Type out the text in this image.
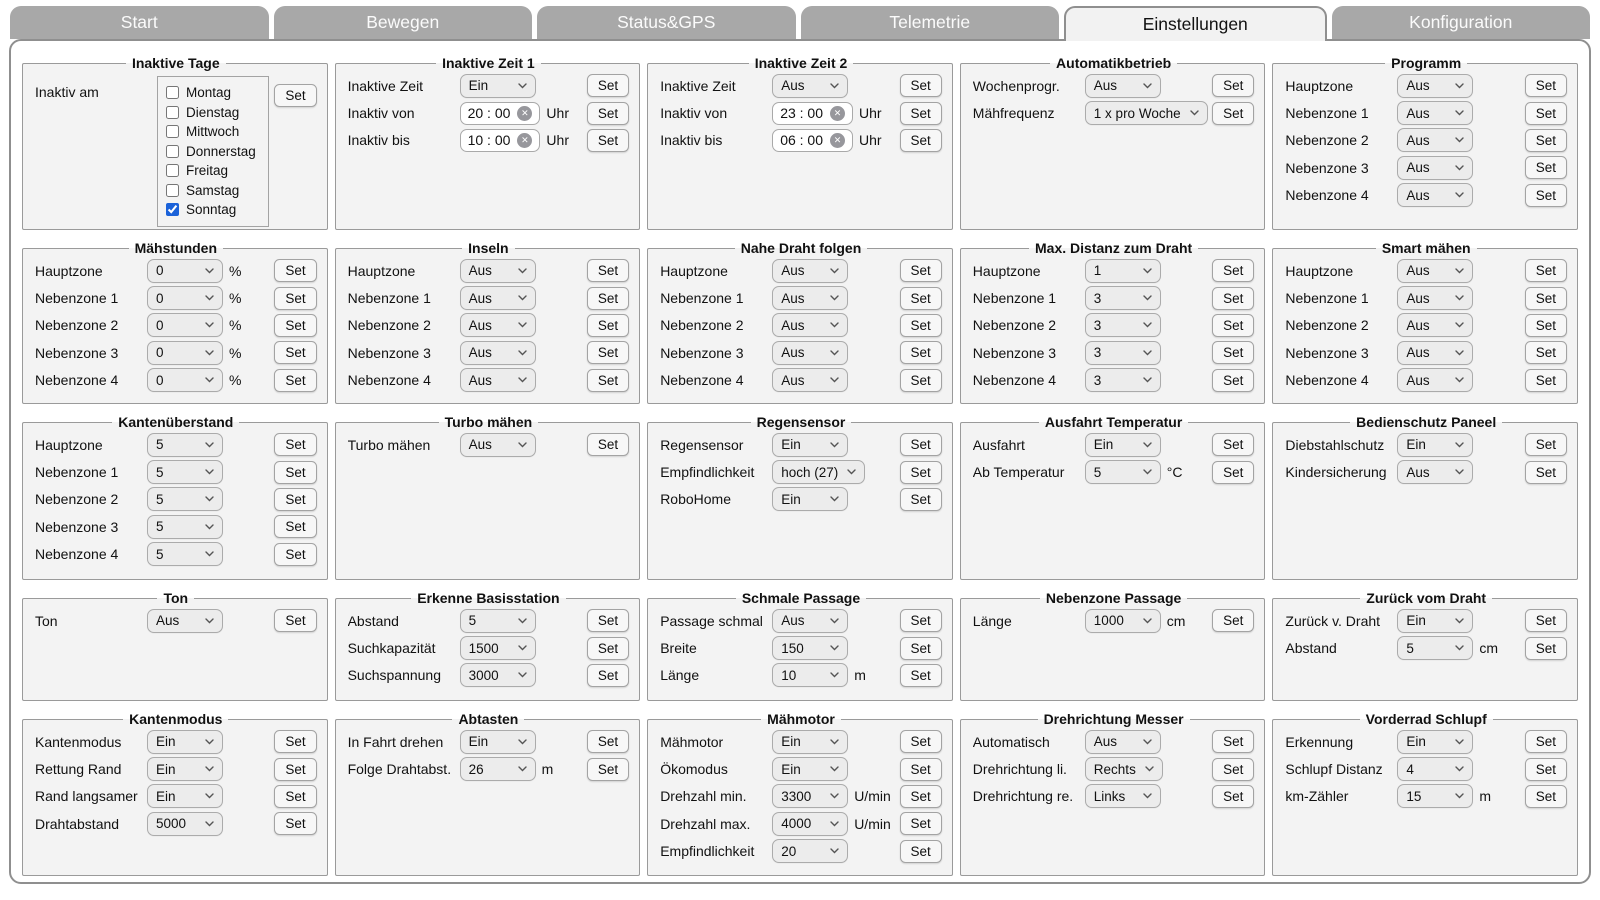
Start	Bewegen	Status&GPS	Telemetrie	Einstellungen	Konfiguration
Inaktive Tage
Inaktiv am	Montag
Dienstag
Mittwoch
Donnerstag
Freitag
Samstag
Sonntag
Set
Inaktive Zeit 1
Inaktive Zeit	Ein	Set
Inaktiv von	20 : 00	✕ Uhr	Set
Inaktiv bis	10 : 00	✕ Uhr	Set
Inaktive Zeit 2
Inaktive Zeit	Aus	Set
Inaktiv von	23 : 00	✕ Uhr	Set
Inaktiv bis	06 : 00	✕ Uhr	Set
Automatikbetrieb
Wochenprogr.	Aus	Set
Mähfrequenz	1 x pro Woche	Set
Programm
Hauptzone	Aus	Set
Nebenzone 1	Aus	Set
Nebenzone 2	Aus	Set
Nebenzone 3	Aus	Set
Nebenzone 4	Aus	Set
Mähstunden
Hauptzone	0	%	Set
Nebenzone 1	0	%	Set
Nebenzone 2	0	%	Set
Nebenzone 3	0	%	Set
Nebenzone 4	0	%	Set
Inseln
Hauptzone	Aus	Set
Nebenzone 1	Aus	Set
Nebenzone 2	Aus	Set
Nebenzone 3	Aus	Set
Nebenzone 4	Aus	Set
Nahe Draht folgen
Hauptzone	Aus	Set
Nebenzone 1	Aus	Set
Nebenzone 2	Aus	Set
Nebenzone 3	Aus	Set
Nebenzone 4	Aus	Set
Max. Distanz zum Draht
Hauptzone	1	Set
Nebenzone 1	3	Set
Nebenzone 2	3	Set
Nebenzone 3	3	Set
Nebenzone 4	3	Set
Smart mähen
Hauptzone	Aus	Set
Nebenzone 1	Aus	Set
Nebenzone 2	Aus	Set
Nebenzone 3	Aus	Set
Nebenzone 4	Aus	Set
Kantenüberstand
Hauptzone	5	Set
Nebenzone 1	5	Set
Nebenzone 2	5	Set
Nebenzone 3	5	Set
Nebenzone 4	5	Set
Turbo mähen
Turbo mähen	Aus	Set
Regensensor
Regensensor	Ein	Set
Empfindlichkeit	hoch (27)	Set
RoboHome	Ein	Set
Ausfahrt Temperatur
Ausfahrt	Ein	Set
Ab Temperatur	5	°C	Set
Bedienschutz Paneel
Diebstahlschutz	Ein	Set
Kindersicherung	Aus	Set
Ton
Ton	Aus	Set
Erkenne Basisstation
Abstand	5	Set
Suchkapazität	1500	Set
Suchspannung	3000	Set
Schmale Passage
Passage schmal	Aus	Set
Breite	150	Set
Länge	10	m	Set
Nebenzone Passage
Länge	1000	cm	Set
Zurück vom Draht
Zurück v. Draht	Ein	Set
Abstand	5	cm	Set
Kantenmodus
Kantenmodus	Ein	Set
Rettung Rand	Ein	Set
Rand langsamer	Ein	Set
Drahtabstand	5000	Set
Abtasten
In Fahrt drehen	Ein	Set
Folge Drahtabst.	26	m	Set
Mähmotor
Mähmotor	Ein	Set
Ökomodus	Ein	Set
Drehzahl min.	3300	U/min	Set
Drehzahl max.	4000	U/min	Set
Empfindlichkeit	20	Set
Drehrichtung Messer
Automatisch	Aus	Set
Drehrichtung li.	Rechts	Set
Drehrichtung re.	Links	Set
Vorderrad Schlupf
Erkennung	Ein	Set
Schlupf Distanz	4	Set
km-Zähler	15	m	Set
